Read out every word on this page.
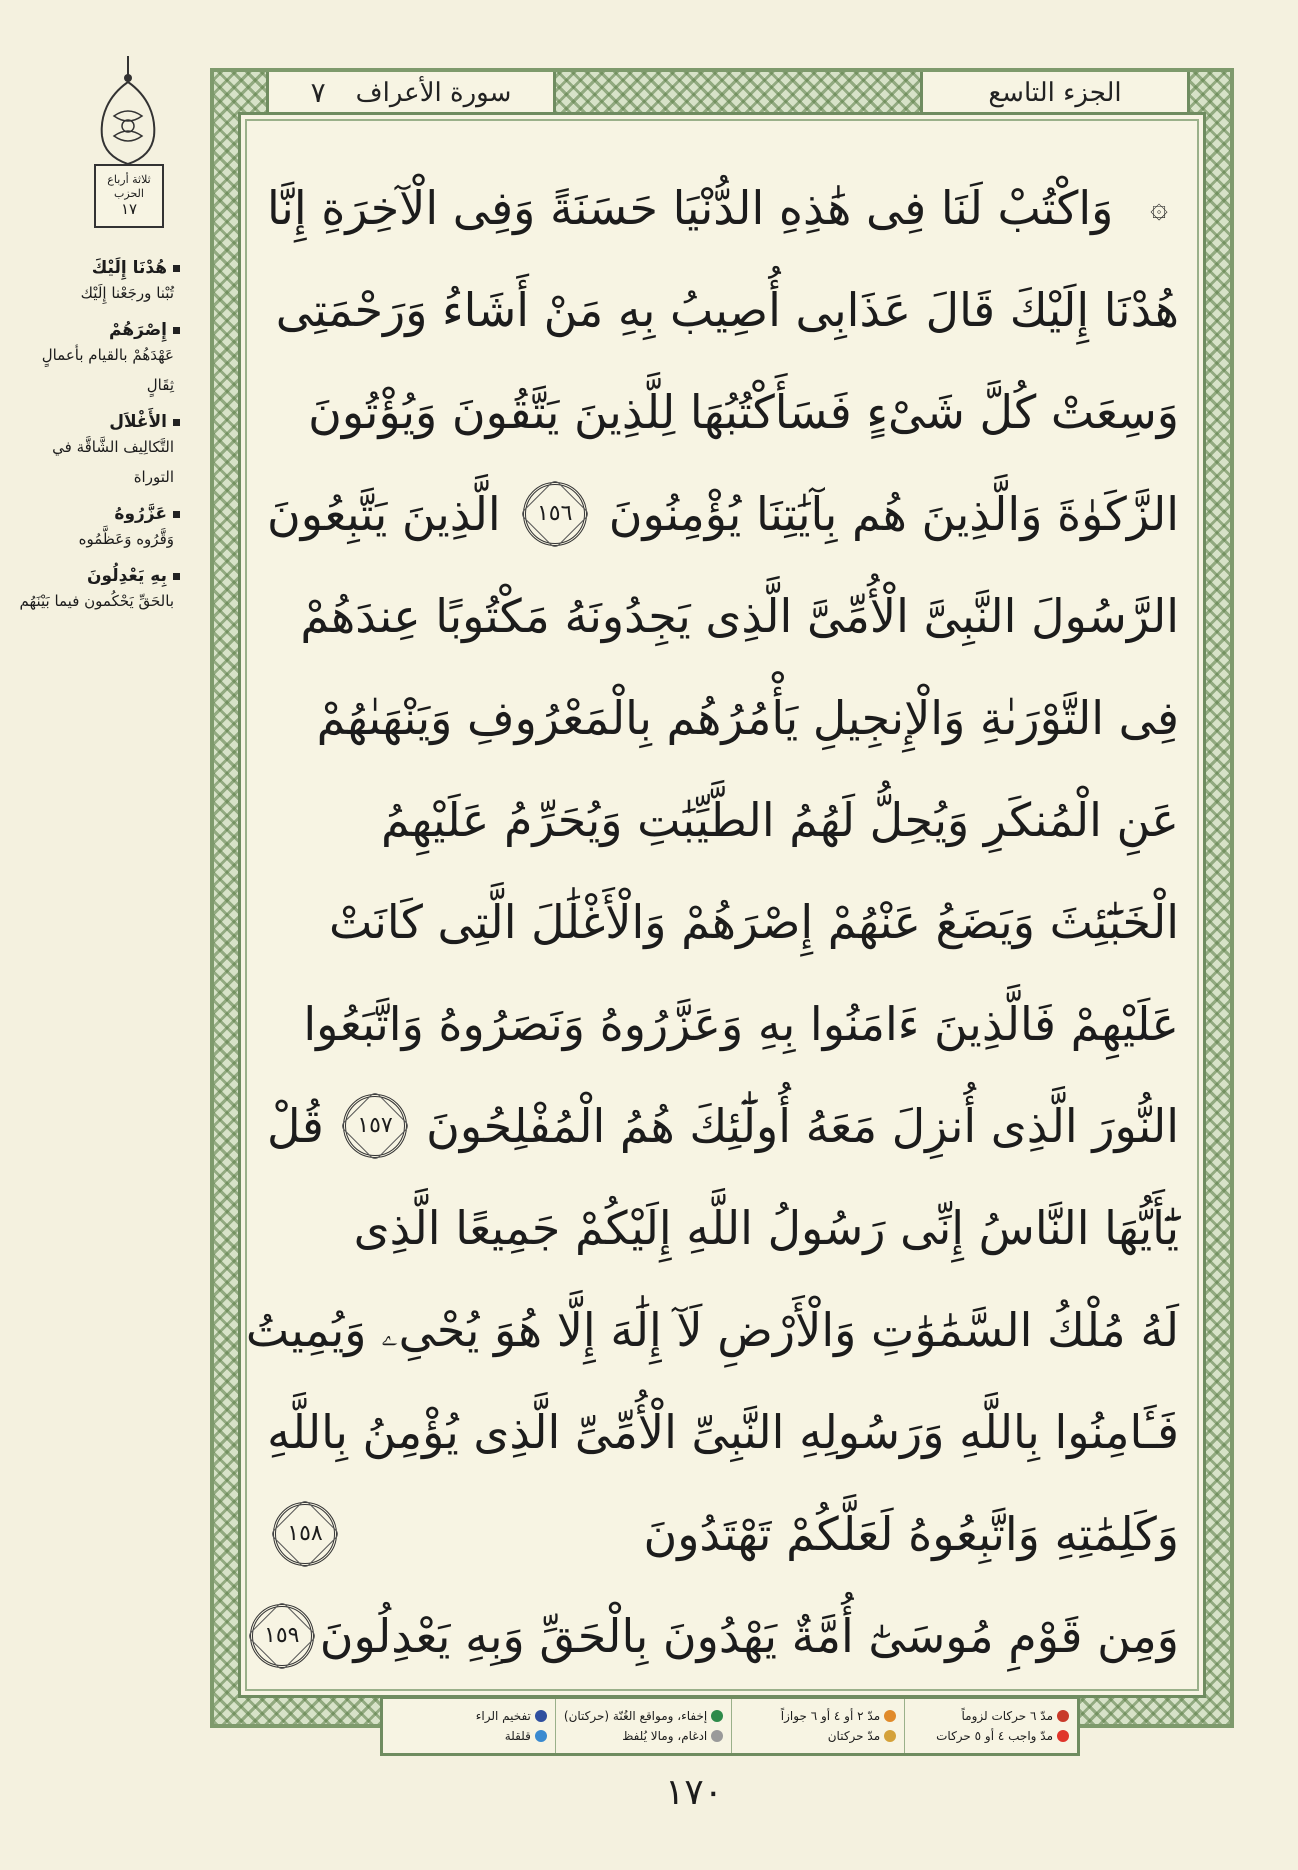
ثلاثة أرباع
الحزب
١٧
هُدْنَا إِلَيْكَ
تُبْنا ورجَعْنا إِلَيْك
إِصْرَهُمْ
عَهْدَهُمْ بالقيام بأعمالٍ ثِقَالٍ
الأَغْلاَل
التَّكالِيف الشَّاقَّة في التوراة
عَزَّرُوهُ
وَقَّرُوه وَعَظَّمُوه
بِهِ يَعْدِلُونَ
بالحَقِّ يَحْكُمون فيما بَيْنَهُم
الجزء التاسع
سورة الأعراف
٧
۞
وَاكْتُبْ لَنَا فِى هَٰذِهِ الدُّنْيَا حَسَنَةً وَفِى الْآخِرَةِ إِنَّا
هُدْنَا إِلَيْكَ قَالَ عَذَابِى أُصِيبُ بِهِ مَنْ أَشَاءُ وَرَحْمَتِى
وَسِعَتْ كُلَّ شَىْءٍ فَسَأَكْتُبُهَا لِلَّذِينَ يَتَّقُونَ وَيُؤْتُونَ
الزَّكَوٰةَ وَالَّذِينَ هُم بِآيَٰتِنَا يُؤْمِنُونَ
١٥٦
الَّذِينَ يَتَّبِعُونَ
الرَّسُولَ النَّبِىَّ الْأُمِّىَّ الَّذِى يَجِدُونَهُ مَكْتُوبًا عِندَهُمْ
فِى التَّوْرَىٰةِ وَالْإِنجِيلِ يَأْمُرُهُم بِالْمَعْرُوفِ وَيَنْهَىٰهُمْ
عَنِ الْمُنكَرِ وَيُحِلُّ لَهُمُ الطَّيِّبَٰتِ وَيُحَرِّمُ عَلَيْهِمُ
الْخَبَٰٓئِثَ وَيَضَعُ عَنْهُمْ إِصْرَهُمْ وَالْأَغْلَٰلَ الَّتِى كَانَتْ
عَلَيْهِمْ فَالَّذِينَ ءَامَنُوا بِهِ وَعَزَّرُوهُ وَنَصَرُوهُ وَاتَّبَعُوا
النُّورَ الَّذِى أُنزِلَ مَعَهُ أُولَٰٓئِكَ هُمُ الْمُفْلِحُونَ
١٥٧
قُلْ
يَٰٓأَيُّهَا النَّاسُ إِنِّى رَسُولُ اللَّهِ إِلَيْكُمْ جَمِيعًا الَّذِى
لَهُ مُلْكُ السَّمَٰوَٰتِ وَالْأَرْضِ لَآ إِلَٰهَ إِلَّا هُوَ يُحْىِۦ وَيُمِيتُ
فَـَٔامِنُوا بِاللَّهِ وَرَسُولِهِ النَّبِىِّ الْأُمِّىِّ الَّذِى يُؤْمِنُ بِاللَّهِ
وَكَلِمَٰتِهِ وَاتَّبِعُوهُ لَعَلَّكُمْ تَهْتَدُونَ
١٥٨
وَمِن قَوْمِ مُوسَىٰٓ أُمَّةٌ يَهْدُونَ بِالْحَقِّ وَبِهِ يَعْدِلُونَ
١٥٩
مدّ ٦ حركات لزوماً
مدّ واجب ٤ أو ٥ حركات
مدّ ٢ أو ٤ أو ٦ جوازاً
مدّ حركتان
إخفاء، ومواقع الغُنّة (حركتان)
ادغام، ومالا يُلفظ
تفخيم الراء
قلقلة
١٧٠
